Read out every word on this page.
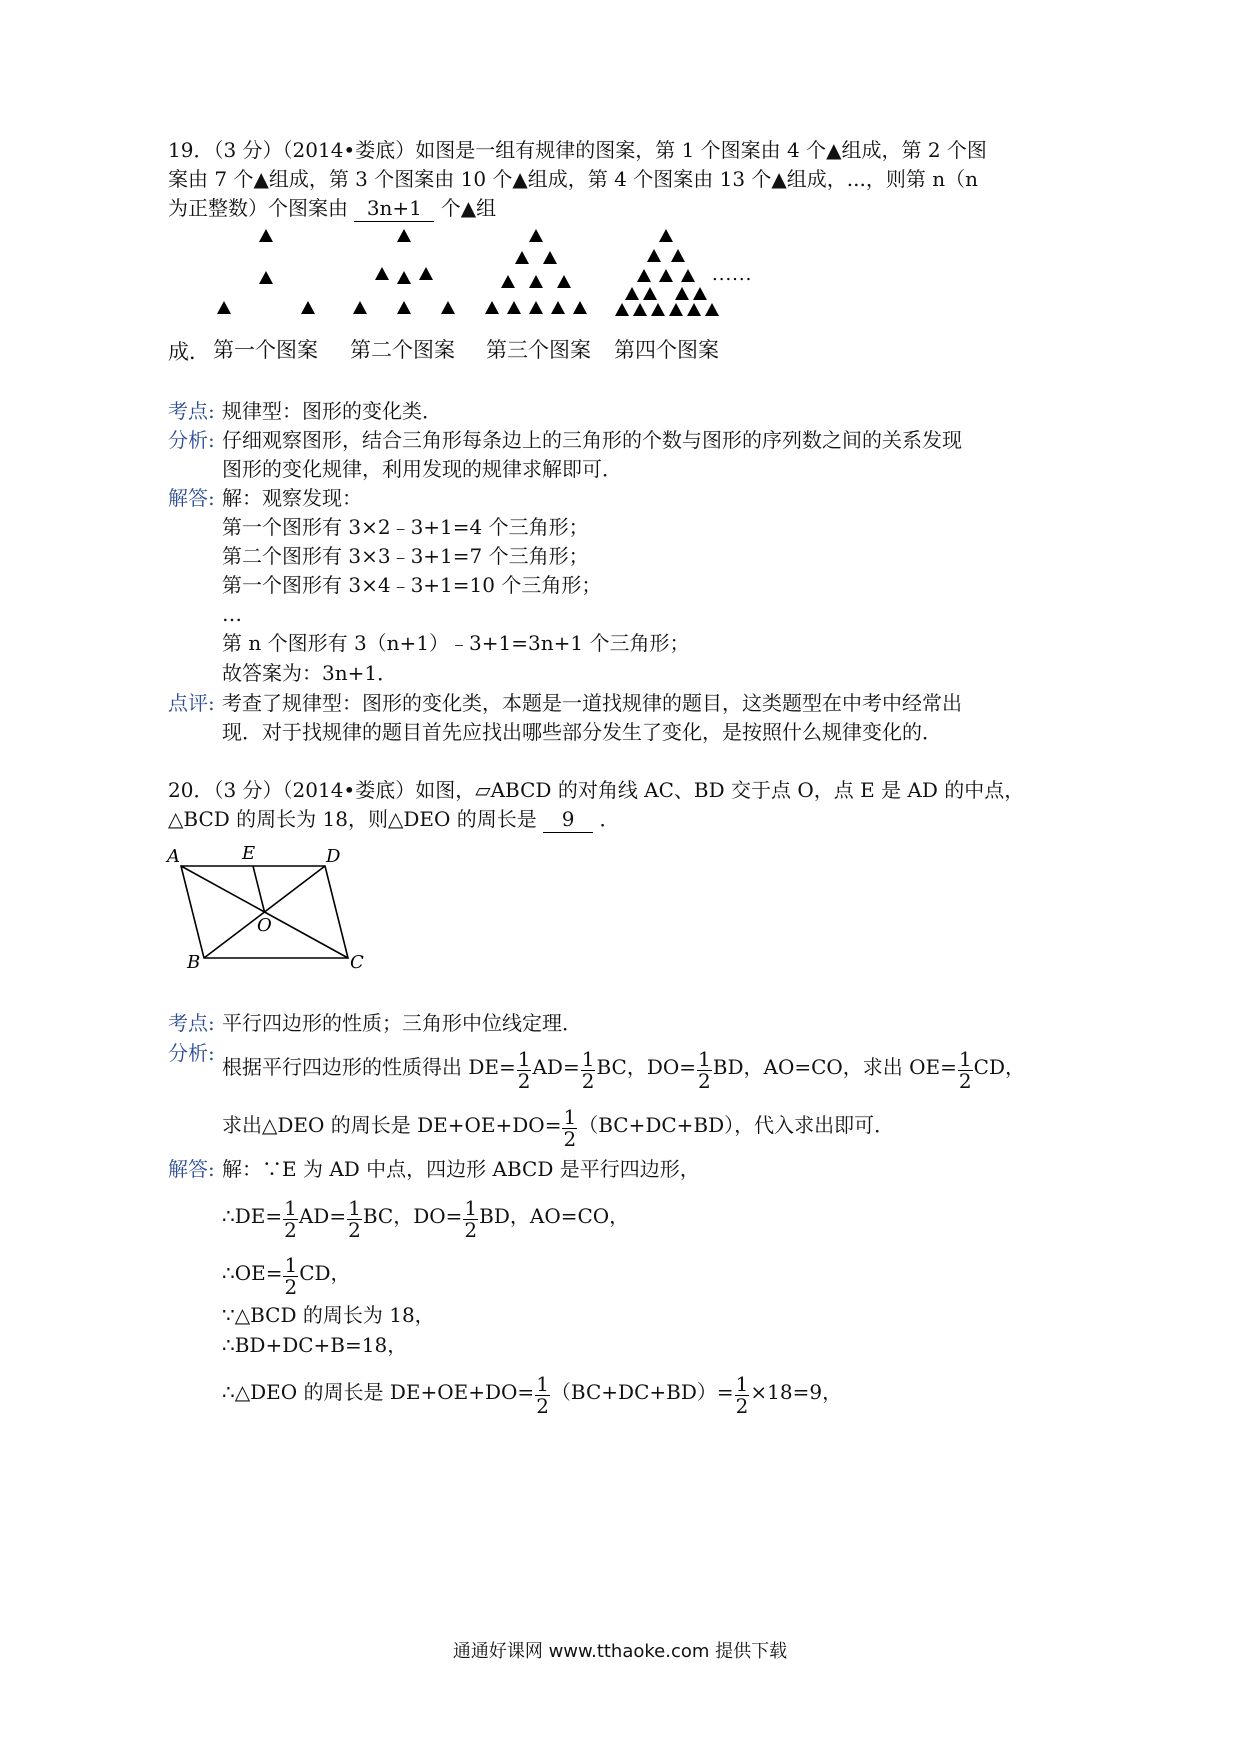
19．（3 分）（2014•娄底）如图是一组有规律的图案，第 1 个图案由 4 个▲组成，第 2 个图
案由 7 个▲组成，第 3 个图案由 10 个▲组成，第 4 个图案由 13 个▲组成，...，则第 n（n
为正整数）个图案由 3n+1 个▲组
......
成． 第一个图案 第二个图案 第三个图案 第四个图案
考点: 规律型：图形的变化类．
分析: 仔细观察图形，结合三角形每条边上的三角形的个数与图形的序列数之间的关系发现
图形的变化规律，利用发现的规律求解即可．
解答: 解：观察发现：
第一个图形有 3×2﹣3+1=4 个三角形；
第二个图形有 3×3﹣3+1=7 个三角形；
第一个图形有 3×4﹣3+1=10 个三角形；
…
第 n 个图形有 3（n+1）﹣3+1=3n+1 个三角形；
故答案为：3n+1．
点评: 考查了规律型：图形的变化类，本题是一道找规律的题目，这类题型在中考中经常出
现．对于找规律的题目首先应找出哪些部分发生了变化，是按照什么规律变化的．
20．（3 分）（2014•娄底）如图，▱ABCD 的对角线 AC、BD 交于点 O，点 E 是 AD 的中点，
△BCD 的周长为 18，则△DEO 的周长是 9 ．
A	E	D
O
B	C
考点: 平行四边形的性质；三角形中位线定理．
分析:
根据平行四边形的性质得出 $DE= \frac{1}{2} AD= \frac{1}{2}$ BC，$DO= \frac{1}{2}$ BD，AO=CO，求出 $OE= \frac{1}{2}$ CD，
求出△DEO 的周长是 $DE+OE+DO= \frac{1}{2} (BC+DC+BD)$，代入求出即可．
解答: 解：∵E 为 AD 中点，四边形 ABCD 是平行四边形，
∴DE= $\frac{1}{2} AD= \frac{1}{2}$ BC，$DO= \frac{1}{2}$ BD，AO=CO，
∴OE= $\frac{1}{2}$ CD，
∵△BCD 的周长为 18，
∴BD+DC+B=18，
∴△DEO 的周长是 $DE+OE+DO= \frac{1}{2} (BC+DC+BD)= \frac{1}{2} \times 18=9$，
通通好课网 www.tthaoke.com 提供下载
